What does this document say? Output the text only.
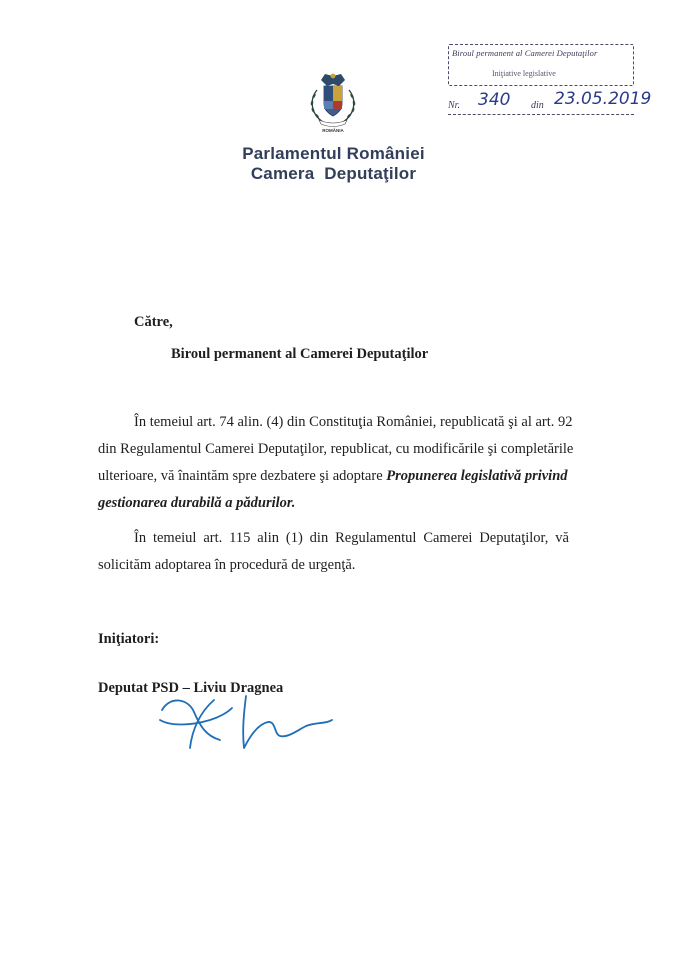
Biroul permanent al Camerei Deputaţilor
Iniţiative legislative
Nr. 340 din 23.05.2019
ROMÂNIA
Parlamentul României
Camera  Deputaţilor
Către,
Biroul permanent al Camerei Deputaţilor
În temeiul art. 74 alin. (4) din Constituţia României, republicată şi al art. 92
din Regulamentul Camerei Deputaţilor, republicat, cu modificările şi completările
ulterioare, vă înaintăm spre dezbatere şi adoptare Propunerea legislativă privind
gestionarea durabilă a pădurilor.
În temeiul art. 115 alin (1) din Regulamentul Camerei Deputaţilor, vă
solicităm adoptarea în procedură de urgenţă.
Iniţiatori:
Deputat PSD – Liviu Dragnea
